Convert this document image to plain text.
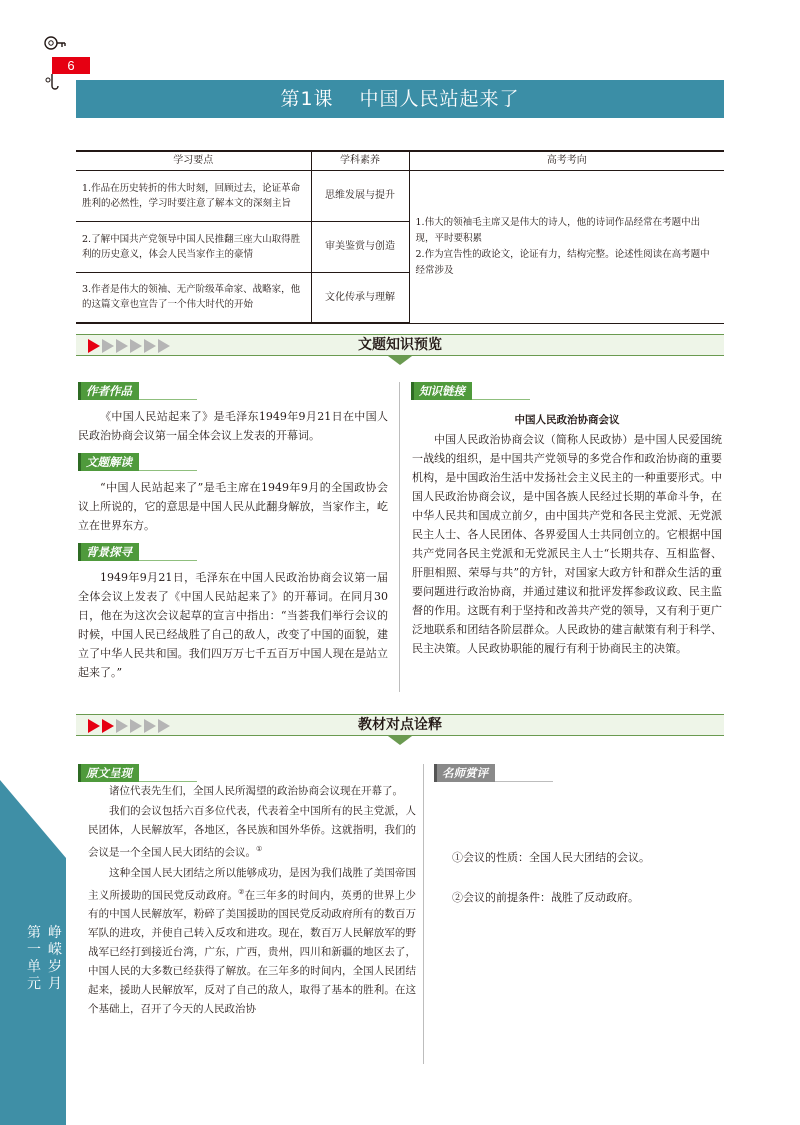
第一单元
峥嵘岁月
6
第1课 中国人民站起来了
学习要点	学科素养	高考考向
1.作品在历史转折的伟大时刻，回顾过去，论证革命胜利的必然性，学习时要注意了解本文的深刻主旨	思维发展与提升	1.伟大的领袖毛主席又是伟大的诗人，他的诗词作品经常在考题中出现，平时要积累
2.作为宣告性的政论文，论证有力，结构完整。论述性阅读在高考题中经常涉及

2.了解中国共产党领导中国人民推翻三座大山取得胜利的历史意义，体会人民当家作主的豪情	审美鉴赏与创造	
3.作者是伟大的领袖、无产阶级革命家、战略家，他的这篇文章也宣告了一个伟大时代的开始	文化传承与理解	
文题知识预览
作者作品
《中国人民站起来了》是毛泽东1949年9月21日在中国人民政治协商会议第一届全体会议上发表的开幕词。
文题解读
“中国人民站起来了”是毛主席在1949年9月的全国政协会议上所说的，它的意思是中国人民从此翻身解放，当家作主，屹立在世界东方。
背景探寻
1949年9月21日，毛泽东在中国人民政治协商会议第一届全体会议上发表了《中国人民站起来了》的开幕词。在同月30日，他在为这次会议起草的宣言中指出：“当荟我们举行会议的时候，中国人民已经战胜了自己的敌人，改变了中国的面貌，建立了中华人民共和国。我们四万万七千五百万中国人现在是站立起来了。”
知识链接
中国人民政治协商会议
中国人民政治协商会议（简称人民政协）是中国人民爱国统一战线的组织，是中国共产党领导的多党合作和政治协商的重要机构，是中国政治生活中发扬社会主义民主的一种重要形式。中国人民政治协商会议，是中国各族人民经过长期的革命斗争，在中华人民共和国成立前夕，由中国共产党和各民主党派、无党派民主人士、各人民团体、各界爱国人士共同创立的。它根据中国共产党同各民主党派和无党派民主人士“长期共存、互相监督、肝胆相照、荣辱与共”的方针，对国家大政方针和群众生活的重要问题进行政治协商，并通过建议和批评发挥参政议政、民主监督的作用。这既有利于坚持和改善共产党的领导，又有利于更广泛地联系和团结各阶层群众。人民政协的建言献策有利于科学、民主决策。人民政协职能的履行有利于协商民主的决策。
教材对点诠释
原文呈现

诸位代表先生们，全国人民所渴望的政治协商会议现在开幕了。

我们的会议包括六百多位代表，代表着全中国所有的民主党派，人民团体，人民解放军，各地区，各民族和国外华侨。这就指明，我们的会议是一个全国人民大团结的会议。①

这种全国人民大团结之所以能够成功，是因为我们战胜了美国帝国主义所援助的国民党反动政府。②在三年多的时间内，英勇的世界上少有的中国人民解放军，粉碎了美国援助的国民党反动政府所有的数百万军队的进攻，并使自己转入反攻和进攻。现在，数百万人民解放军的野战军已经打到接近台湾，广东，广西，贵州，四川和新疆的地区去了，中国人民的大多数已经获得了解放。在三年多的时间内，全国人民团结起来，援助人民解放军，反对了自己的敌人，取得了基本的胜利。在这个基础上，召开了今天的人民政治协

名师赏评
①会议的性质：全国人民大团结的会议。
②会议的前提条件：战胜了反动政府。
